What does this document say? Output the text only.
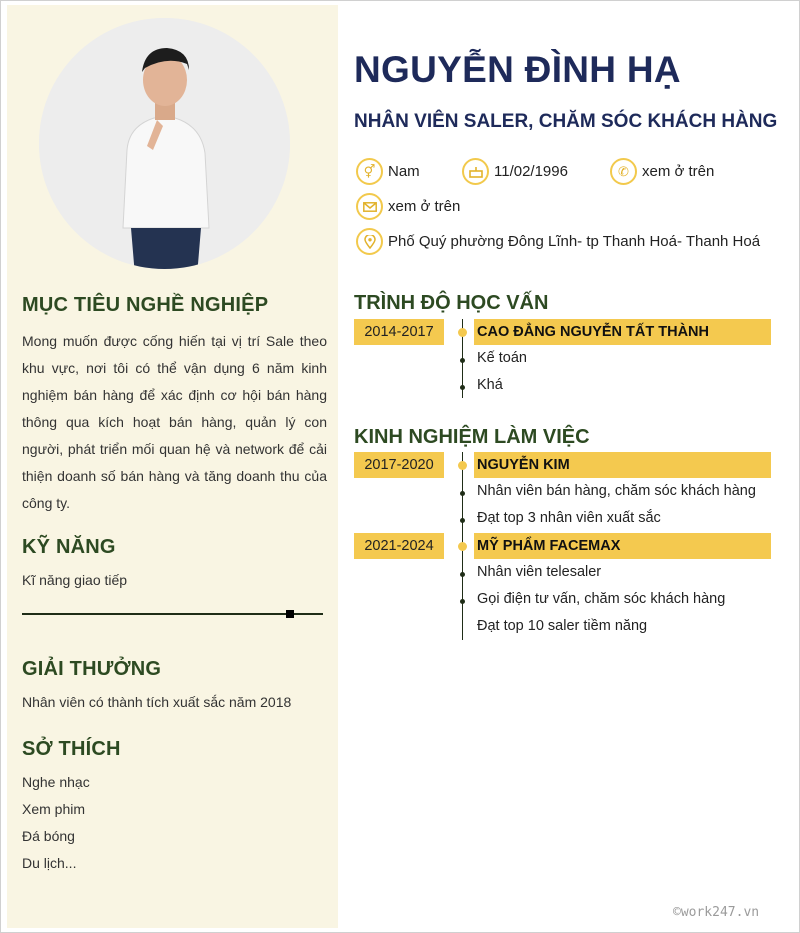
MỤC TIÊU NGHỀ NGHIỆP
Mong muốn được cống hiến tại vị trí Sale theo khu vực, nơi tôi có thể vận dụng 6 năm kinh nghiệm bán hàng để xác định cơ hội bán hàng thông qua kích hoạt bán hàng, quản lý con người, phát triển mối quan hệ và network để cải thiện doanh số bán hàng và tăng doanh thu của công ty.
KỸ NĂNG
Kĩ năng giao tiếp
GIẢI THƯỞNG
Nhân viên có thành tích xuất sắc năm 2018
SỞ THÍCH
Nghe nhạc
Xem phim
Đá bóng
Du lịch...
NGUYỄN ĐÌNH HẠ
NHÂN VIÊN SALER, CHĂM SÓC KHÁCH HÀNG
⚥ Nam	11/02/1996	✆ xem ở trên
xem ở trên
Phố Quý phường Đông Lĩnh- tp Thanh Hoá- Thanh Hoá
TRÌNH ĐỘ HỌC VẤN
2014-2017	CAO ĐẲNG NGUYỄN TẤT THÀNH
Kế toán
Khá
KINH NGHIỆM LÀM VIỆC
2017-2020	NGUYỄN KIM
Nhân viên bán hàng, chăm sóc khách hàng
Đạt top 3 nhân viên xuất sắc
2021-2024	MỸ PHẨM FACEMAX
Nhân viên telesaler
Gọi điện tư vấn, chăm sóc khách hàng
Đạt top 10 saler tiềm năng
©work247.vn
